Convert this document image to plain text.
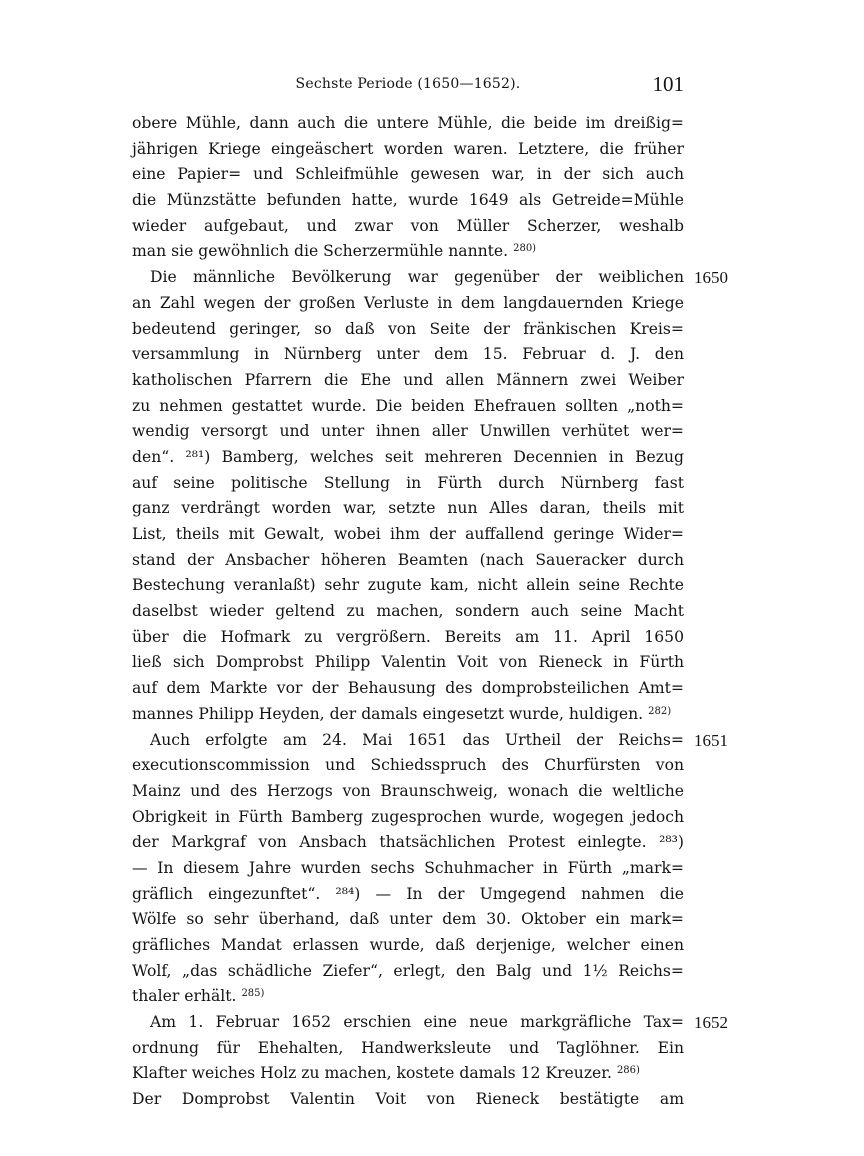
Sechste Periode (1650—1652).	101
obere Mühle, dann auch die untere Mühle, die beide im dreißig=
jährigen Kriege eingeäschert worden waren. Letztere, die früher
eine Papier= und Schleifmühle gewesen war, in der sich auch
die Münzstätte befunden hatte, wurde 1649 als Getreide=Mühle
wieder aufgebaut, und zwar von Müller Scherzer, weshalb
man sie gewöhnlich die Scherzermühle nannte. $^{280)}$
Die männliche Bevölkerung war gegenüber der weiblichen 1650
an Zahl wegen der großen Verluste in dem langdauernden Kriege
bedeutend geringer, so daß von Seite der fränkischen Kreis=
versammlung in Nürnberg unter dem 15. Februar d. J. den
katholischen Pfarrern die Ehe und allen Männern zwei Weiber
zu nehmen gestattet wurde. Die beiden Ehefrauen sollten „noth=
wendig versorgt und unter ihnen aller Unwillen verhütet wer=
den“. ²⁸¹) Bamberg, welches seit mehreren Decennien in Bezug
auf seine politische Stellung in Fürth durch Nürnberg fast
ganz verdrängt worden war, setzte nun Alles daran, theils mit
List, theils mit Gewalt, wobei ihm der auffallend geringe Wider=
stand der Ansbacher höheren Beamten (nach Saueracker durch
Bestechung veranlaßt) sehr zugute kam, nicht allein seine Rechte
daselbst wieder geltend zu machen, sondern auch seine Macht
über die Hofmark zu vergrößern. Bereits am 11. April 1650
ließ sich Domprobst Philipp Valentin Voit von Rieneck in Fürth
auf dem Markte vor der Behausung des domprobsteilichen Amt=
mannes Philipp Heyden, der damals eingesetzt wurde, huldigen. $^{282)}$
Auch erfolgte am 24. Mai 1651 das Urtheil der Reichs= 1651
executionscommission und Schiedsspruch des Churfürsten von
Mainz und des Herzogs von Braunschweig, wonach die weltliche
Obrigkeit in Fürth Bamberg zugesprochen wurde, wogegen jedoch
der Markgraf von Ansbach thatsächlichen Protest einlegte. ²⁸³)
— In diesem Jahre wurden sechs Schuhmacher in Fürth „mark=
gräflich eingezunftet“. ²⁸⁴) — In der Umgegend nahmen die
Wölfe so sehr überhand, daß unter dem 30. Oktober ein mark=
gräfliches Mandat erlassen wurde, daß derjenige, welcher einen
Wolf, „das schädliche Ziefer“, erlegt, den Balg und 1½ Reichs=
thaler erhält. $^{285)}$
Am 1. Februar 1652 erschien eine neue markgräfliche Tax= 1652
ordnung für Ehehalten, Handwerksleute und Taglöhner. Ein
Klafter weiches Holz zu machen, kostete damals 12 Kreuzer. $^{286)}$
Der Domprobst Valentin Voit von Rieneck bestätigte am
